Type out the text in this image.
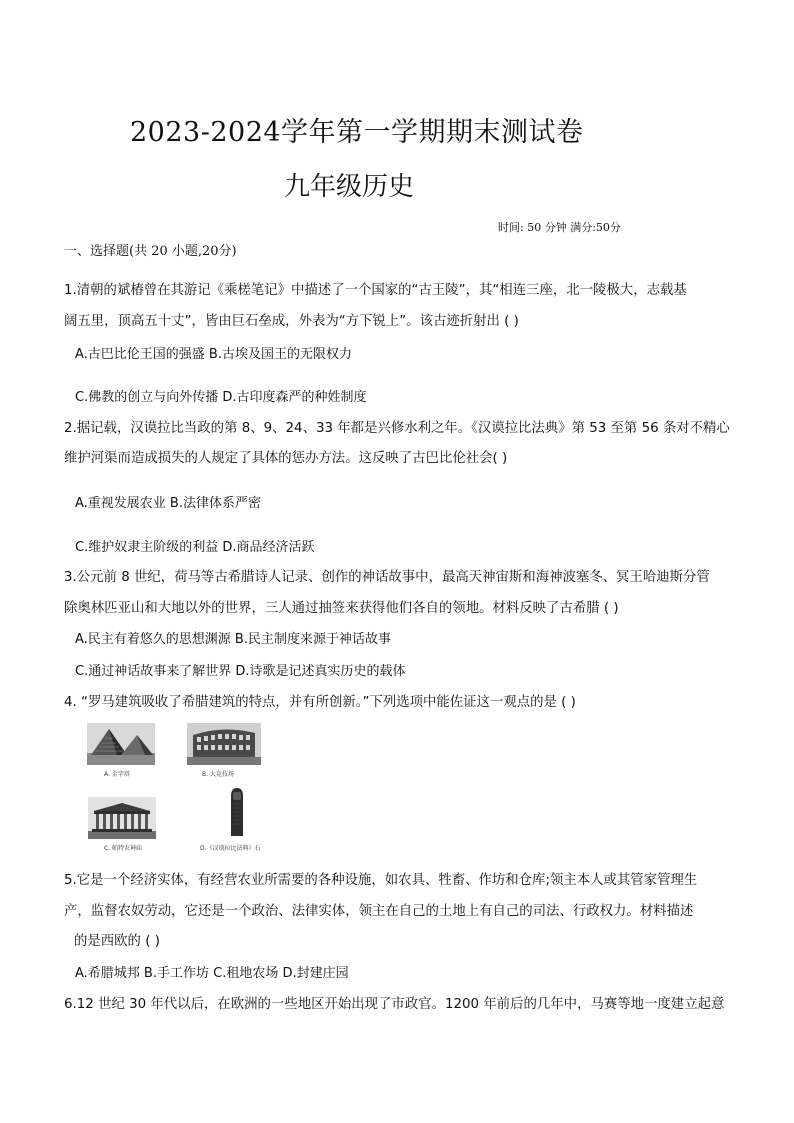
2023-2024学年第一学期期末测试卷
九年级历史
时间: 50 分钟 满分:50分
一、选择题(共 20 小题,20分)
1.清朝的斌椿曾在其游记《乘槎笔记》中描述了一个国家的“古王陵”，其“相连三座，北一陵极大，志载基
阔五里，顶高五十丈”，皆由巨石垒成，外表为“方下锐上”。该古迹折射出 ( )
A.古巴比伦王国的强盛 B.古埃及国王的无限权力
C.佛教的创立与向外传播 D.古印度森严的种姓制度
2.据记载，汉谟拉比当政的第 8、9、24、33 年都是兴修水利之年。《汉谟拉比法典》第 53 至第 56 条对不精心
维护河渠而造成损失的人规定了具体的惩办方法。这反映了古巴比伦社会( )
A.重视发展农业 B.法律体系严密
C.维护奴隶主阶级的利益 D.商品经济活跃
3.公元前 8 世纪，荷马等古希腊诗人记录、创作的神话故事中，最高天神宙斯和海神波塞冬、冥王哈迪斯分管
除奥林匹亚山和大地以外的世界，三人通过抽签来获得他们各自的领地。材料反映了古希腊 ( )
A.民主有着悠久的思想渊源 B.民主制度来源于神话故事
C.通过神话故事来了解世界 D.诗歌是记述真实历史的载体
4. “罗马建筑吸收了希腊建筑的特点，并有所创新。”下列选项中能佐证这一观点的是 ( )
A. 金字塔	B. 大竞技场
C. 帕特农神庙	D.《汉谟拉比法典》石
5.它是一个经济实体，有经营农业所需要的各种设施，如农具、牲畜、作坊和仓库;领主本人或其管家管理生
产，监督农奴劳动，它还是一个政治、法律实体，领主在自己的土地上有自己的司法、行政权力。材料描述
的是西欧的 ( )
A.希腊城邦 B.手工作坊 C.租地农场 D.封建庄园
6.12 世纪 30 年代以后，在欧洲的一些地区开始出现了市政官。1200 年前后的几年中，马赛等地一度建立起意
